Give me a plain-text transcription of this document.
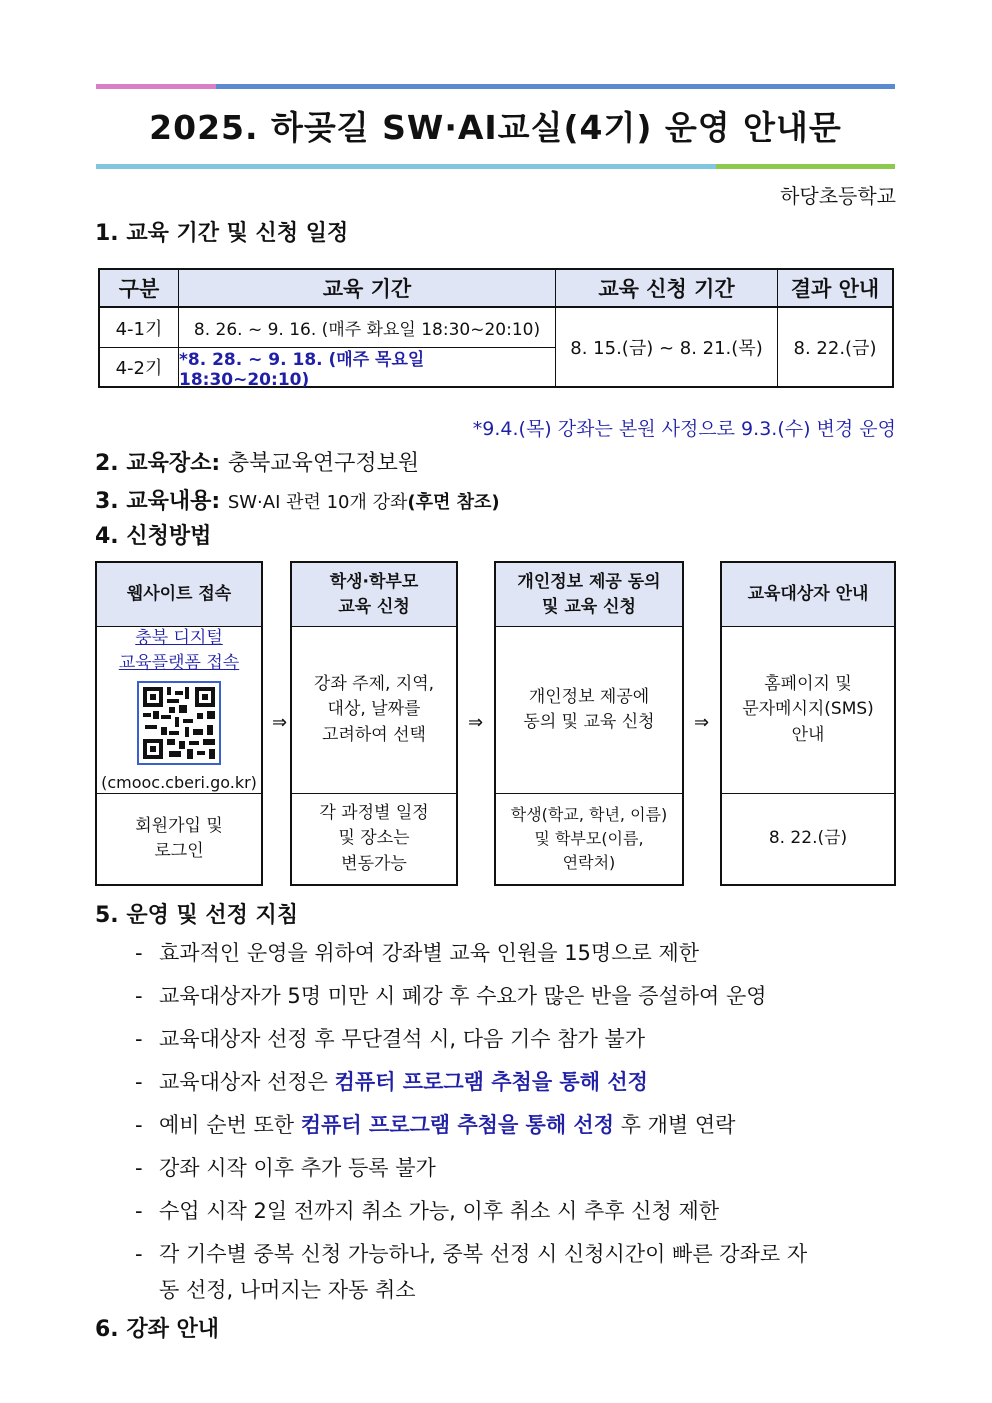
2025. 하곶길 SW·AI교실(4기) 운영 안내문
하당초등학교
1. 교육 기간 및 신청 일정
구분	교육 기간	교육 신청 기간	결과 안내
4-1기	8. 26. ~ 9. 16. (매주 화요일 18:30~20:10)
4-2기 *8. 28. ~ 9. 18. (매주 목요일 18:30~20:10)
8. 15.(금) ~ 8. 21.(목)	8. 22.(금)
*9.4.(목) 강좌는 본원 사정으로 9.3.(수) 변경 운영
2. 교육장소: 충북교육연구정보원
3. 교육내용: SW·AI 관련 10개 강좌(후면 참조)
4. 신청방법
웹사이트 접속
충북 디지털
교육플랫폼 접속
(cmooc.cberi.go.kr)
회원가입 및
로그인
⇒
학생·학부모
교육 신청
강좌 주제, 지역,
대상, 날짜를
고려하여 선택
각 과정별 일정
및 장소는
변동가능
⇒
개인정보 제공 동의
및 교육 신청
개인정보 제공에
동의 및 교육 신청
학생(학교, 학년, 이름)
및 학부모(이름,
연락처)
⇒
교육대상자 안내
홈페이지 및
문자메시지(SMS)
안내
8. 22.(금)
5. 운영 및 선정 지침
- 효과적인 운영을 위하여 강좌별 교육 인원을 15명으로 제한
- 교육대상자가 5명 미만 시 폐강 후 수요가 많은 반을 증설하여 운영
- 교육대상자 선정 후 무단결석 시, 다음 기수 참가 불가
- 교육대상자 선정은 컴퓨터 프로그램 추첨을 통해 선정
- 예비 순번 또한 컴퓨터 프로그램 추첨을 통해 선정 후 개별 연락
- 강좌 시작 이후 추가 등록 불가
- 수업 시작 2일 전까지 취소 가능, 이후 취소 시 추후 신청 제한
- 각 기수별 중복 신청 가능하나, 중복 선정 시 신청시간이 빠른 강좌로 자
동 선정, 나머지는 자동 취소
6. 강좌 안내
